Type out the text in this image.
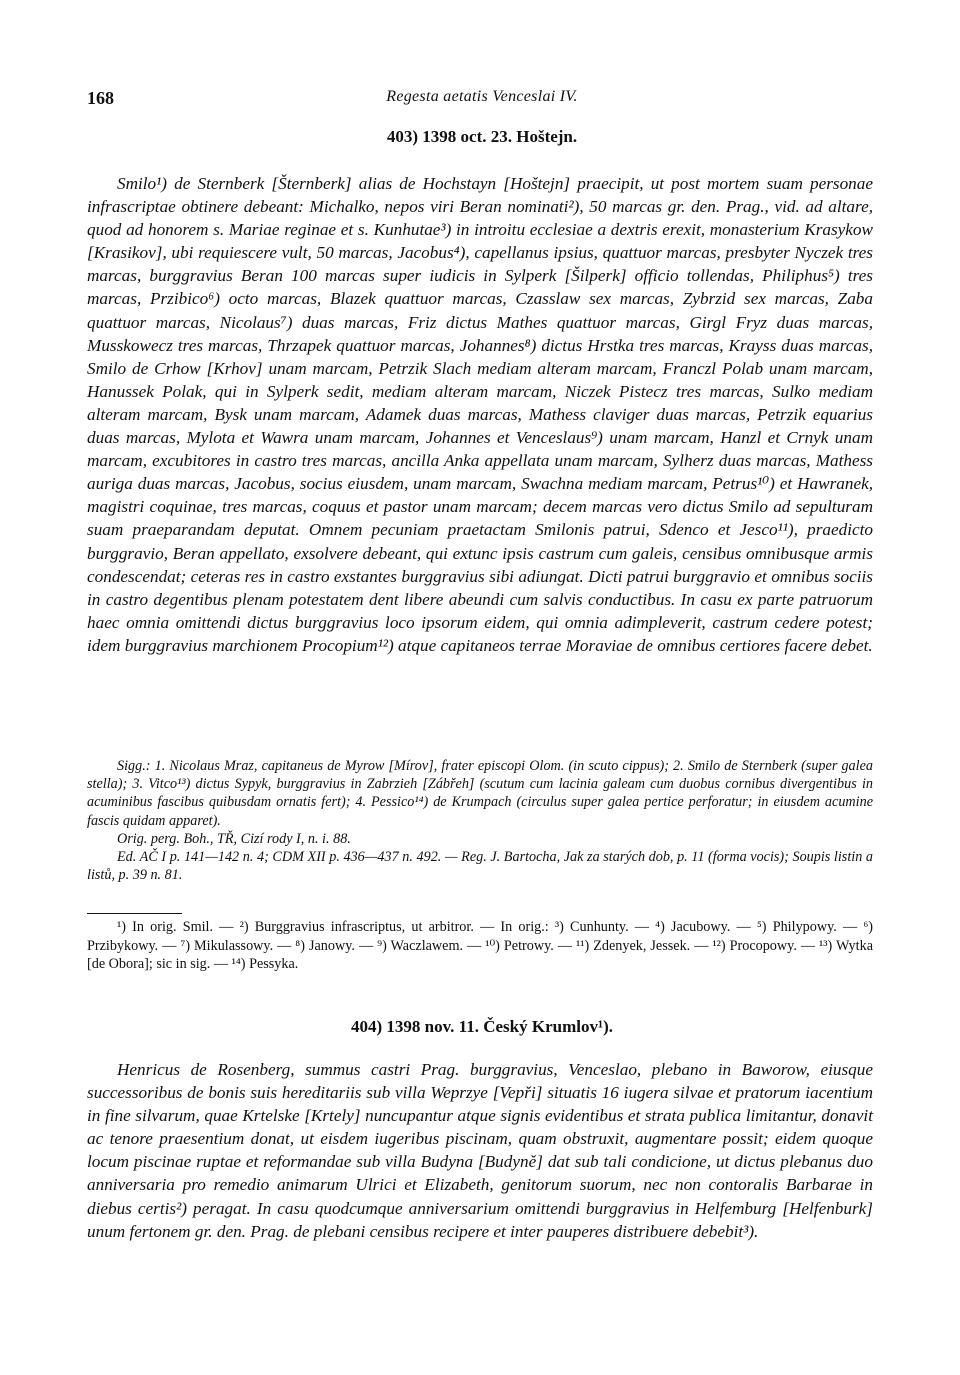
168	Regesta aetatis Venceslai IV.
403) 1398 oct. 23. Hoštejn.

Smilo¹) de Sternberk [Šternberk] alias de Hochstayn [Hoštejn] praecipit, ut post mortem suam personae infrascriptae obtinere debeant: Michalko, nepos viri Beran nominati²), 50 marcas gr. den. Prag., vid. ad altare, quod ad honorem s. Mariae reginae et s. Kunhutae³) in introitu ecclesiae a dextris erexit, monasterium Krasykow [Krasikov], ubi requiescere vult, 50 marcas, Jacobus⁴), capellanus ipsius, quattuor marcas, presbyter Nyczek tres marcas, burggravius Beran 100 marcas super iudicis in Sylperk [Šilperk] officio tollendas, Philiphus⁵) tres marcas, Przibico⁶) octo marcas, Blazek quattuor marcas, Czasslaw sex marcas, Zybrzid sex marcas, Zaba quattuor marcas, Nicolaus⁷) duas marcas, Friz dictus Mathes quattuor marcas, Girgl Fryz duas marcas, Musskowecz tres marcas, Thrzapek quattuor marcas, Johannes⁸) dictus Hrstka tres marcas, Krayss duas marcas, Smilo de Crhow [Krhov] unam marcam, Petrzik Slach mediam alteram marcam, Franczl Polab unam marcam, Hanussek Polak, qui in Sylperk sedit, mediam alteram marcam, Niczek Pistecz tres marcas, Sulko mediam alteram marcam, Bysk unam marcam, Adamek duas marcas, Mathess claviger duas marcas, Petrzik equarius duas marcas, Mylota et Wawra unam marcam, Johannes et Venceslaus⁹) unam marcam, Hanzl et Crnyk unam marcam, excubitores in castro tres marcas, ancilla Anka appellata unam marcam, Sylherz duas marcas, Mathess auriga duas marcas, Jacobus, socius eiusdem, unam marcam, Swachna mediam marcam, Petrus¹⁰) et Hawranek, magistri coquinae, tres marcas, coquus et pastor unam marcam; decem marcas vero dictus Smilo ad sepulturam suam praeparandam deputat. Omnem pecuniam praetactam Smilonis patrui, Sdenco et Jesco¹¹), praedicto burggravio, Beran appellato, exsolvere debeant, qui extunc ipsis castrum cum galeis, censibus omnibusque armis condescendat; ceteras res in castro exstantes burggravius sibi adiungat. Dicti patrui burggravio et omnibus sociis in castro degentibus plenam potestatem dent libere abeundi cum salvis conductibus. In casu ex parte patruorum haec omnia omittendi dictus burggravius loco ipsorum eidem, qui omnia adimpleverit, castrum cedere potest; idem burggravius marchionem Procopium¹²) atque capitaneos terrae Moraviae de omnibus certiores facere debet.

Sigg.: 1. Nicolaus Mraz, capitaneus de Myrow [Mírov], frater episcopi Olom. (in scuto cippus); 2. Smilo de Sternberk (super galea stella); 3. Vitco¹³) dictus Sypyk, burggravius in Zabrzieh [Zábřeh] (scutum cum lacinia galeam cum duobus cornibus divergentibus in acuminibus fascibus quibusdam ornatis fert); 4. Pessico¹⁴) de Krumpach (circulus super galea pertice perforatur; in eiusdem acumine fascis quidam apparet).
Orig. perg. Boh., TŘ, Cizí rody I, n. i. 88.
Ed. AČ I p. 141—142 n. 4; CDM XII p. 436—437 n. 492. — Reg. J. Bartocha, Jak za starých dob, p. 11 (forma vocis); Soupis listin a listů, p. 39 n. 81.
¹) In orig. Smil. — ²) Burggravius infrascriptus, ut arbitror. — In orig.: ³) Cunhunty. — ⁴) Jacubowy. — ⁵) Philypowy. — ⁶) Przibykowy. — ⁷) Mikulassowy. — ⁸) Janowy. — ⁹) Waczlawem. — ¹⁰) Petrowy. — ¹¹) Zdenyek, Jessek. — ¹²) Procopowy. — ¹³) Wytka [de Obora]; sic in sig. — ¹⁴) Pessyka.
404) 1398 nov. 11. Český Krumlov¹).

Henricus de Rosenberg, summus castri Prag. burggravius, Venceslao, plebano in Bаworow, eiusque successoribus de bonis suis hereditariis sub villa Weprzye [Vepři] situatis 16 iugera silvae et pratorum iacentium in fine silvarum, quae Krtelske [Krtely] nuncupantur atque signis evidentibus et strata publica limitantur, donavit ac tenore praesentium donat, ut eisdem iugeribus piscinam, quam obstruxit, augmentare possit; eidem quoque locum piscinae ruptae et reformandae sub villa Budyna [Budyně] dat sub tali condicione, ut dictus plebanus duo anniversaria pro remedio animarum Ulrici et Elizabeth, genitorum suorum, nec non contoralis Barbarae in diebus certis²) peragat. In casu quodcumque anniversarium omittendi burggravius in Helfemburg [Helfenburk] unum fertonem gr. den. Prag. de plebani censibus recipere et inter pauperes distribuere debebit³).
